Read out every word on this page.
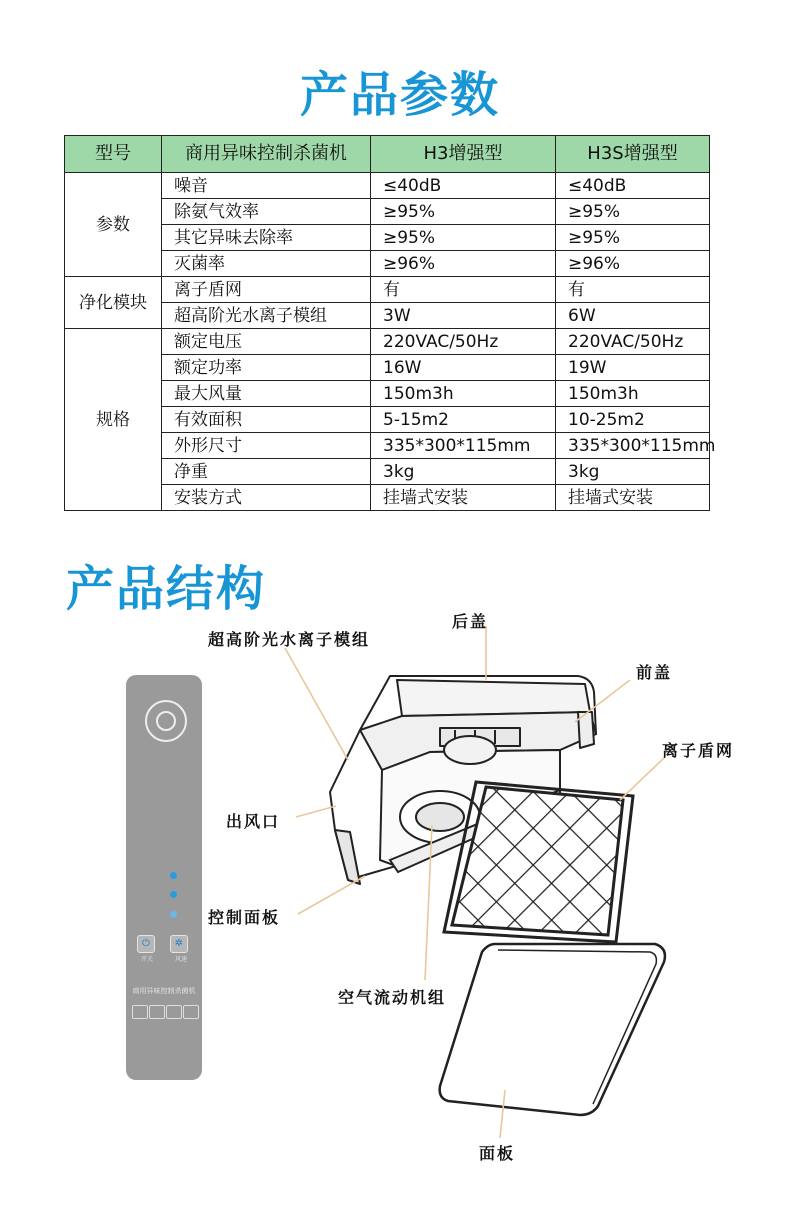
产品参数
型号	商用异味控制杀菌机	H3增强型	H3S增强型
参数	噪音	≤40dB	≤40dB
	除氨气效率	≥95%	≥95%
	其它异味去除率	≥95%	≥95%
	灭菌率	≥96%	≥96%
净化模块	离子盾网	有	有
	超高阶光水离子模组	3W	6W
规格	额定电压	220VAC/50Hz	220VAC/50Hz
	额定功率	16W	19W
	最大风量	150m3h	150m3h
	有效面积	5-15m2	10-25m2
	外形尺寸	335*300*115mm	335*300*115mm
	净重	3kg	3kg
	安装方式	挂墙式安装	挂墙式安装
产品结构
⏻	✲
开关	风速
商用异味控制杀菌机
超高阶光水离子模组
后盖
前盖
离子盾网
出风口
控制面板
空气流动机组
面板
